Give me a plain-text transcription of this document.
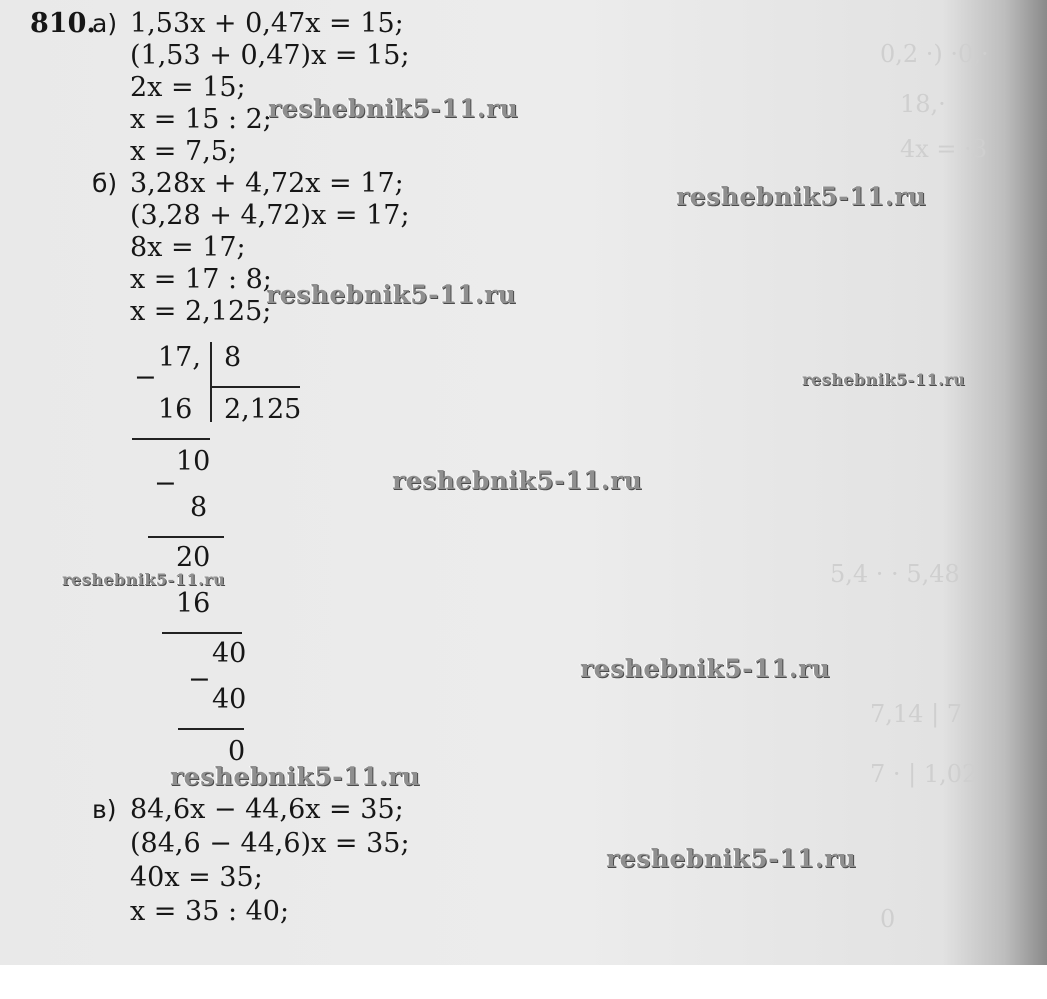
0,2 ·) ·0,·
18,·
4x = ·3
5,4 · · 5,48
7,14 | 7
7 · | 1,02
0
810.
а) 1,53x + 0,47x = 15;
(1,53 + 0,47)x = 15;
2x = 15;
x = 15 : 2;
x = 7,5;
б) 3,28x + 4,72x = 17;
(3,28 + 4,72)x = 17;
8x = 17;
x = 17 : 8;
x = 2,125;
17,
−
8
2,125
16
−
10
8
20
16
−
40
40
0
в) 84,6x − 44,6x = 35;
(84,6 − 44,6)x = 35;
40x = 35;
x = 35 : 40;
reshebnik5-11.ru
reshebnik5-11.ru
reshebnik5-11.ru
reshebnik5-11.ru
reshebnik5-11.ru
reshebnik5-11.ru
reshebnik5-11.ru
reshebnik5-11.ru
reshebnik5-11.ru
